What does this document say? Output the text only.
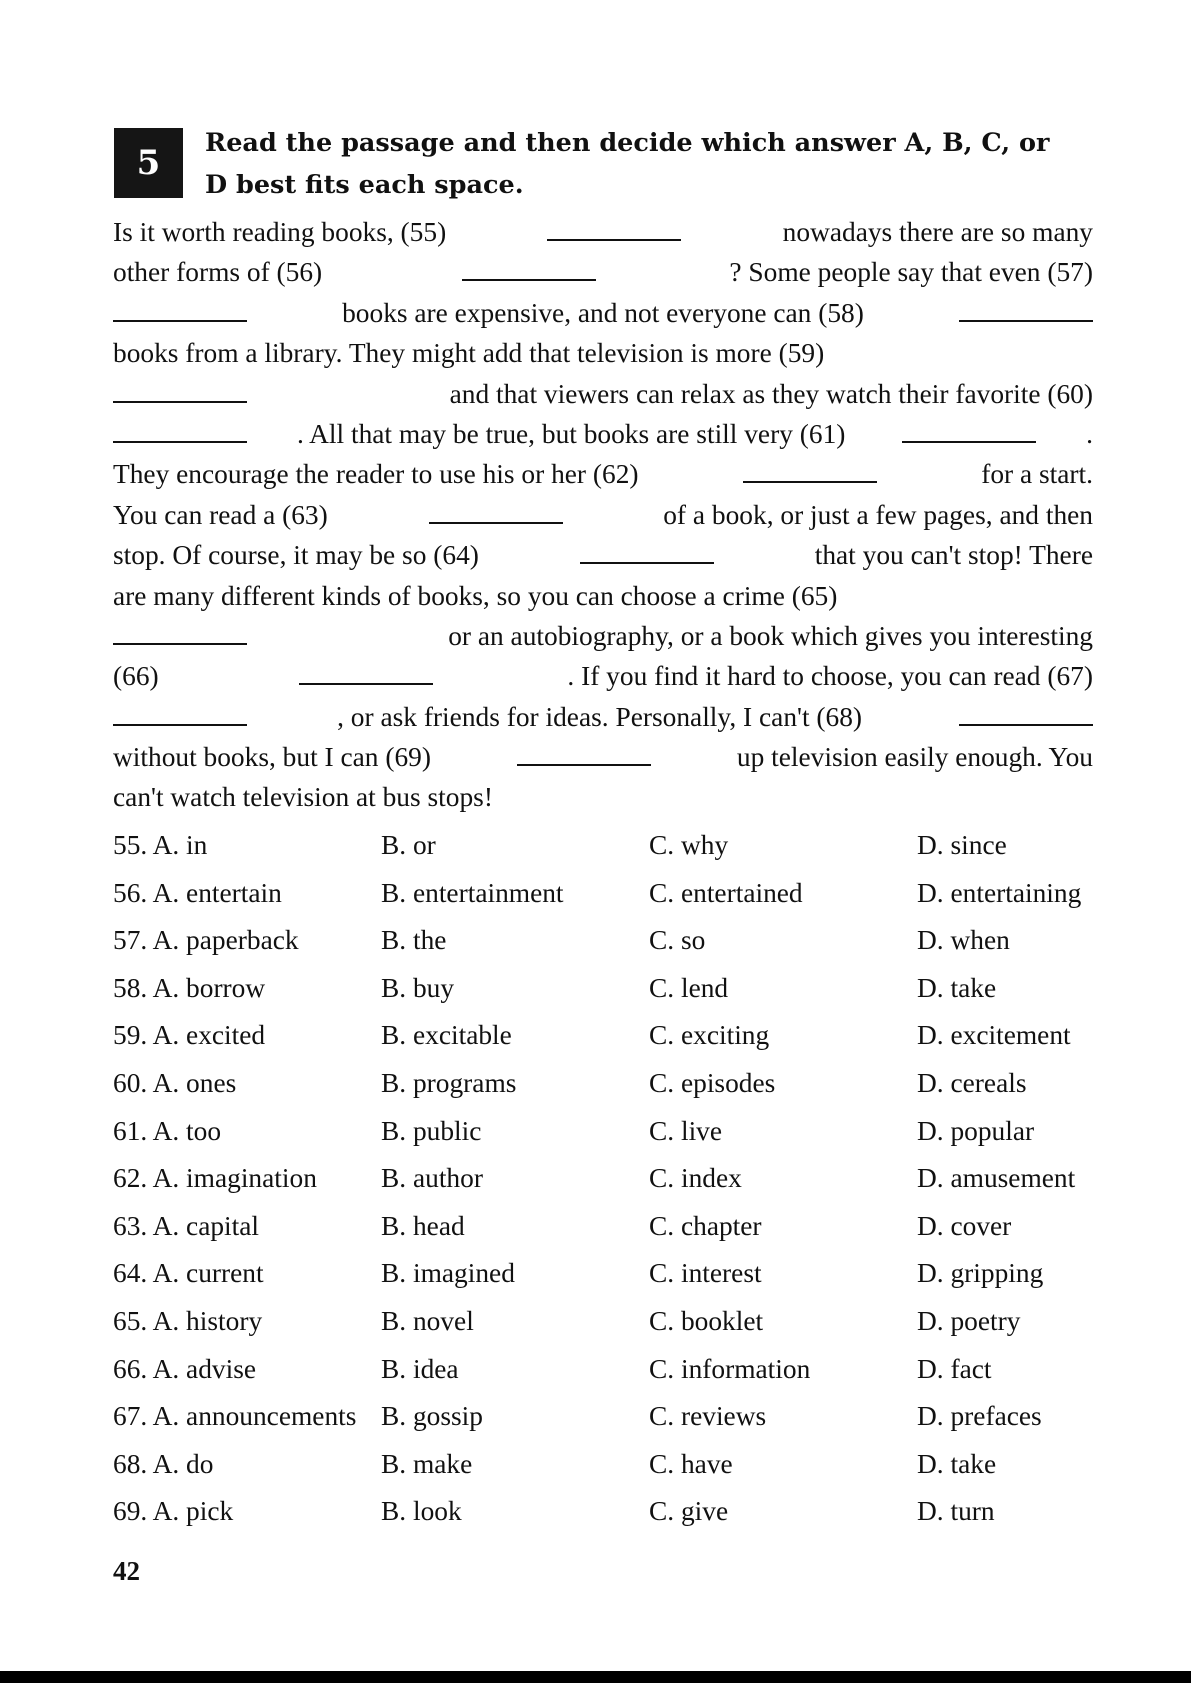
5 Read the passage and then decide which answer A, B, C, or
D best fits each space.
Is it worth reading books, (55)	nowadays there are so many
other forms of (56)	? Some people say that even (57)
books are expensive, and not everyone can (58)
books from a library. They might add that television is more (59)
and that viewers can relax as they watch their favorite (60)
. All that may be true, but books are still very (61)	.
They encourage the reader to use his or her (62)	for a start.
You can read a (63)	of a book, or just a few pages, and then
stop. Of course, it may be so (64)	that you can't stop! There
are many different kinds of books, so you can choose a crime (65)
or an autobiography, or a book which gives you interesting
(66)	. If you find it hard to choose, you can read (67)
, or ask friends for ideas. Personally, I can't (68)
without books, but I can (69)	up television easily enough. You
can't watch television at bus stops!
55. A. in	B. or	C. why	D. since
56. A. entertain	B. entertainment	C. entertained	D. entertaining
57. A. paperback	B. the	C. so	D. when
58. A. borrow	B. buy	C. lend	D. take
59. A. excited	B. excitable	C. exciting	D. excitement
60. A. ones	B. programs	C. episodes	D. cereals
61. A. too	B. public	C. live	D. popular
62. A. imagination B. author	C. index	D. amusement
63. A. capital	B. head	C. chapter	D. cover
64. A. current	B. imagined	C. interest	D. gripping
65. A. history	B. novel	C. booklet	D. poetry
66. A. advise	B. idea	C. information	D. fact
67. A. announcements B. gossip	C. reviews	D. prefaces
68. A. do	B. make	C. have	D. take
69. A. pick	B. look	C. give	D. turn
42
